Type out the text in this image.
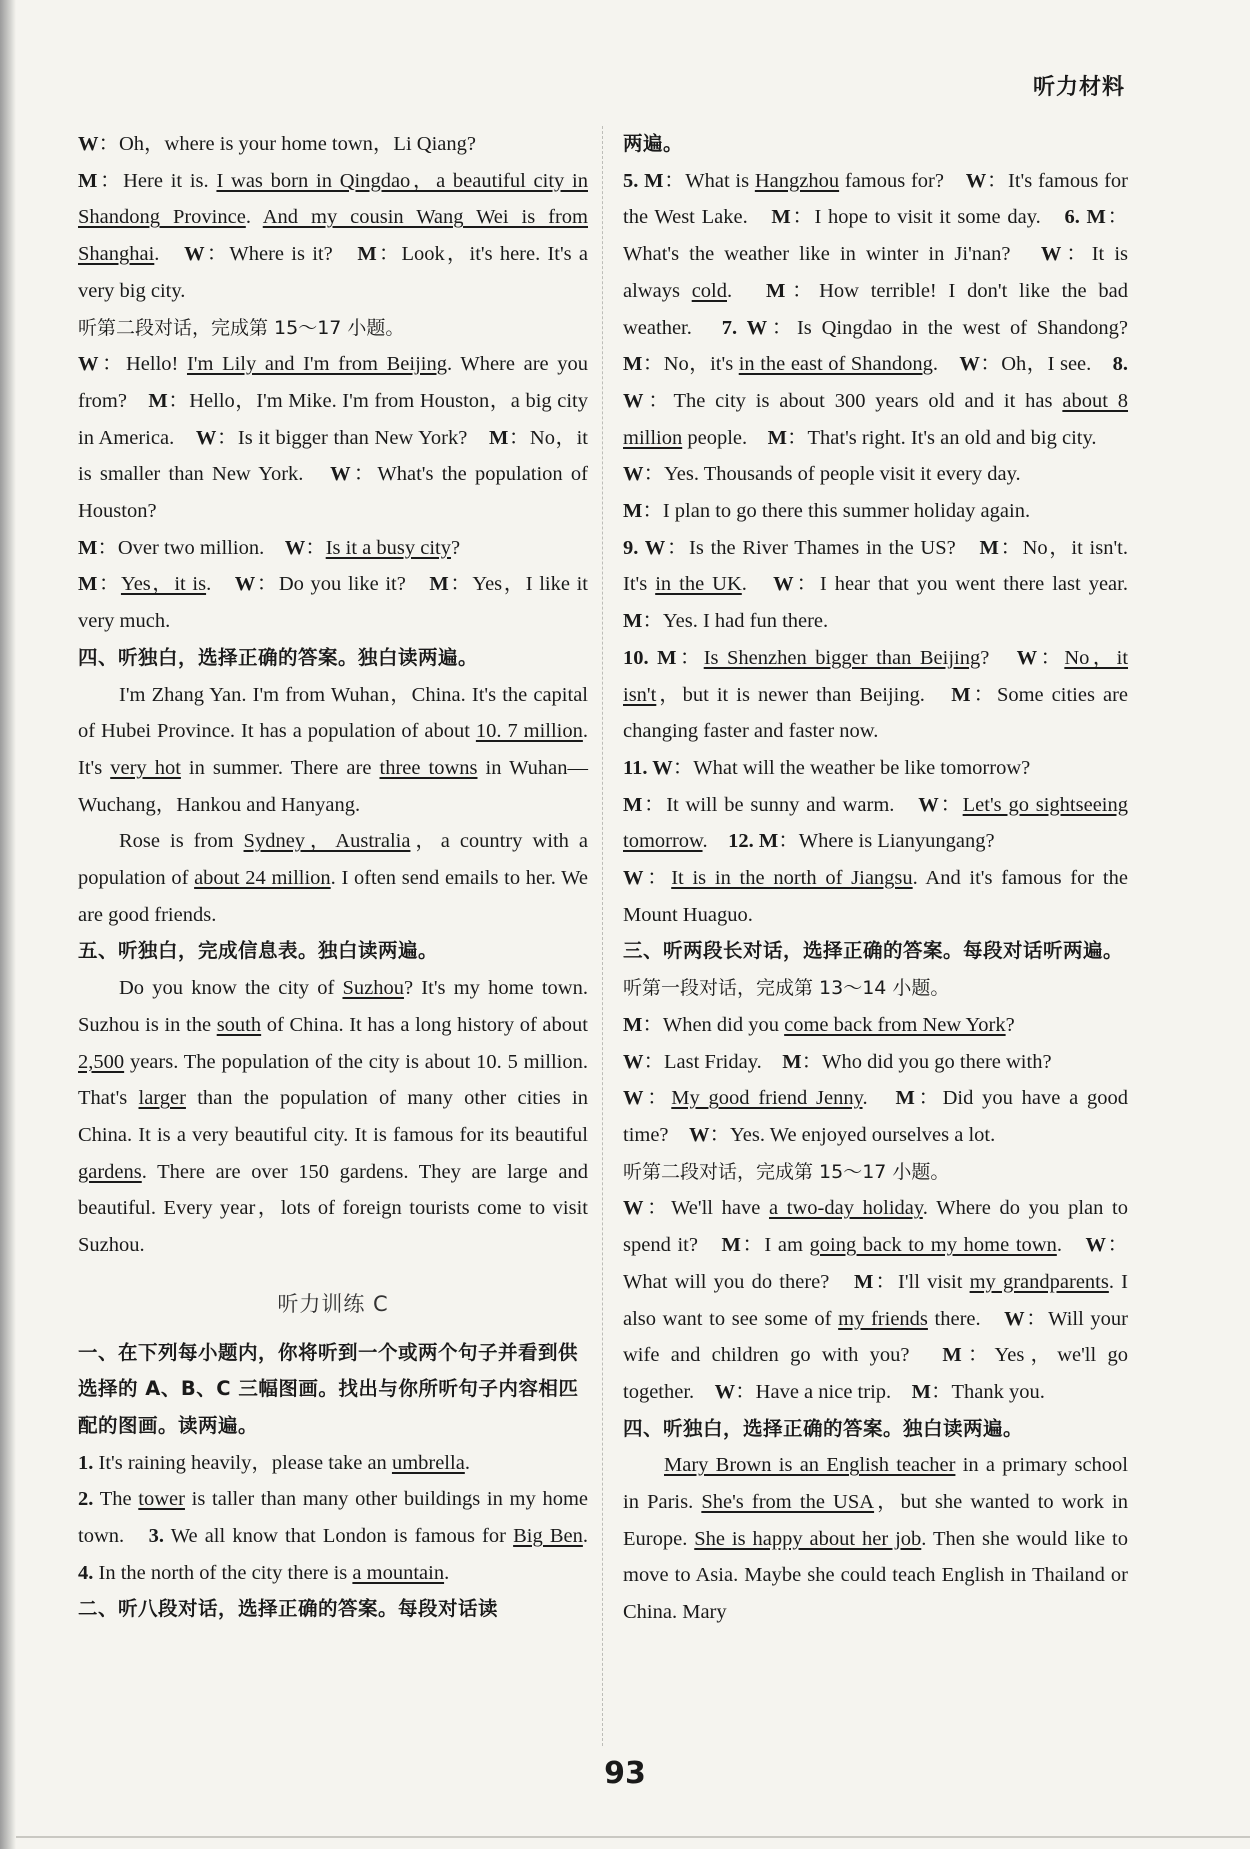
听力材料

W：Oh，where is your home town，Li Qiang?

M：Here it is. I was born in Qingdao，a beautiful city in Shandong Province. And my cousin Wang Wei is from Shanghai.　W：Where is it?　M：Look，it's here. It's a very big city.

听第二段对话，完成第 15～17 小题。

W：Hello! I'm Lily and I'm from Beijing. Where are you from?　M：Hello，I'm Mike. I'm from Houston，a big city in America.　W：Is it bigger than New York?　M：No，it is smaller than New York.　W：What's the population of Houston?

M：Over two million.　W：Is it a busy city?

M：Yes，it is.　W：Do you like it?　M：Yes，I like it very much.

四、听独白，选择正确的答案。独白读两遍。

I'm Zhang Yan. I'm from Wuhan，China. It's the capital of Hubei Province. It has a population of about 10. 7 million. It's very hot in summer. There are three towns in Wuhan—Wuchang，Hankou and Hanyang.

Rose is from Sydney，Australia，a country with a population of about 24 million. I often send emails to her. We are good friends.

五、听独白，完成信息表。独白读两遍。

Do you know the city of Suzhou? It's my home town. Suzhou is in the south of China. It has a long history of about 2,500 years. The population of the city is about 10. 5 million. That's larger than the population of many other cities in China. It is a very beautiful city. It is famous for its beautiful gardens. There are over 150 gardens. They are large and beautiful. Every year，lots of foreign tourists come to visit Suzhou.

听力训练 C

一、在下列每小题内，你将听到一个或两个句子并看到供选择的 A、B、C 三幅图画。找出与你所听句子内容相匹配的图画。读两遍。

1. It's raining heavily，please take an umbrella.

2. The tower is taller than many other buildings in my home town.　3. We all know that London is famous for Big Ben.　4. In the north of the city there is a mountain.

二、听八段对话，选择正确的答案。每段对话读

两遍。

5. M：What is Hangzhou famous for?　W：It's famous for the West Lake.　M：I hope to visit it some day.　6. M：What's the weather like in winter in Ji'nan?　W：It is always cold.　M：How terrible! I don't like the bad weather.　7. W：Is Qingdao in the west of Shandong?　M：No，it's in the east of Shandong.　W：Oh，I see.　8. W：The city is about 300 years old and it has about 8 million people.　M：That's right. It's an old and big city.

W：Yes. Thousands of people visit it every day.

M：I plan to go there this summer holiday again.

9. W：Is the River Thames in the US?　M：No，it isn't. It's in the UK.　W：I hear that you went there last year.　M：Yes. I had fun there.

10. M：Is Shenzhen bigger than Beijing?　W：No，it isn't，but it is newer than Beijing.　M：Some cities are changing faster and faster now.

11. W：What will the weather be like tomorrow?

M：It will be sunny and warm.　W：Let's go sightseeing tomorrow.　12. M：Where is Lianyungang?

W：It is in the north of Jiangsu. And it's famous for the Mount Huaguo.

三、听两段长对话，选择正确的答案。每段对话听两遍。

听第一段对话，完成第 13～14 小题。

M：When did you come back from New York?

W：Last Friday.　M：Who did you go there with?

W：My good friend Jenny.　M：Did you have a good time?　W：Yes. We enjoyed ourselves a lot.

听第二段对话，完成第 15～17 小题。

W：We'll have a two-day holiday. Where do you plan to spend it?　M：I am going back to my home town.　W：What will you do there?　M：I'll visit my grandparents. I also want to see some of my friends there.　W：Will your wife and children go with you?　M：Yes，we'll go together.　W：Have a nice trip.　M：Thank you.

四、听独白，选择正确的答案。独白读两遍。

Mary Brown is an English teacher in a primary school in Paris. She's from the USA，but she wanted to work in Europe. She is happy about her job. Then she would like to move to Asia. Maybe she could teach English in Thailand or China. Mary

93
